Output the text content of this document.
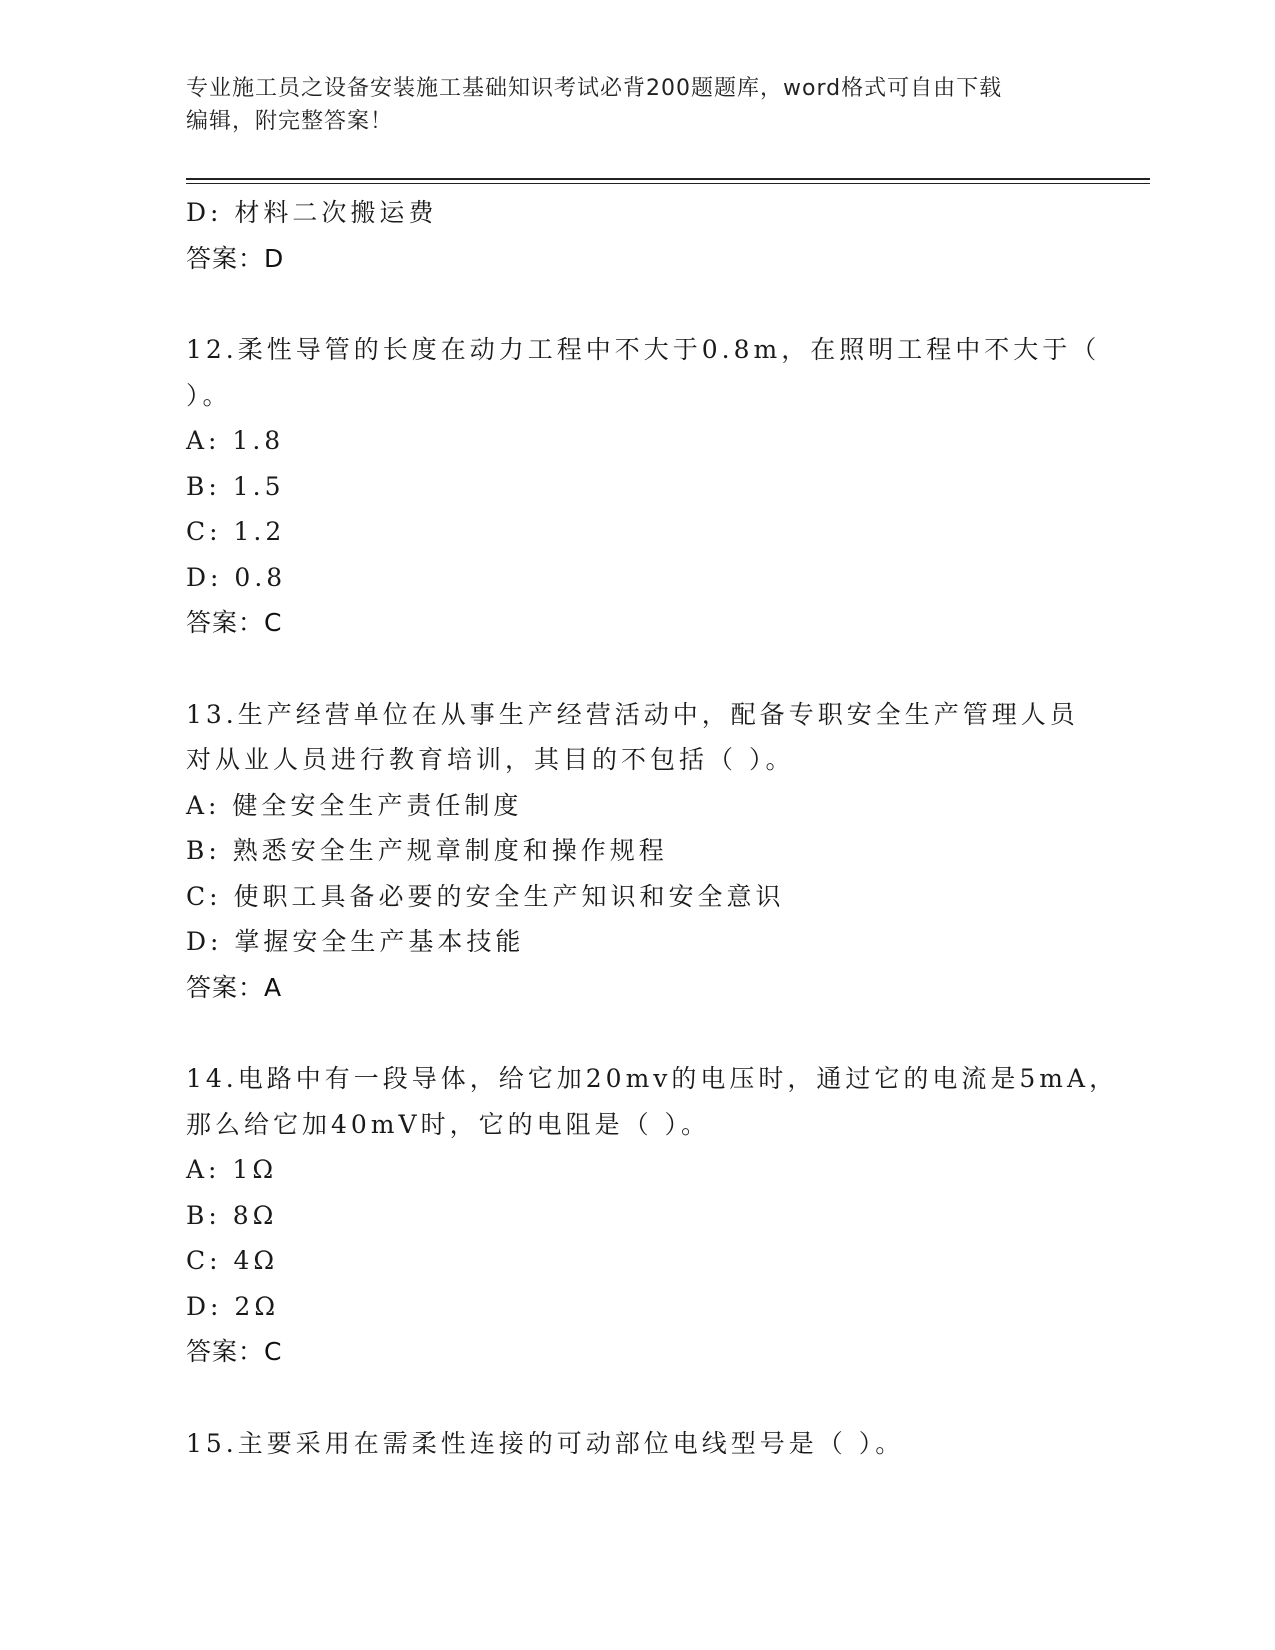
专业施工员之设备安装施工基础知识考试必背200题题库，word格式可自由下载
编辑，附完整答案！
D: 材料二次搬运费
答案：D
12.柔性导管的长度在动力工程中不大于0.8m，在照明工程中不大于（
）。
A: 1.8
B: 1.5
C: 1.2
D: 0.8
答案：C
13.生产经营单位在从事生产经营活动中，配备专职安全生产管理人员
对从业人员进行教育培训，其目的不包括（ ）。
A: 健全安全生产责任制度
B: 熟悉安全生产规章制度和操作规程
C: 使职工具备必要的安全生产知识和安全意识
D: 掌握安全生产基本技能
答案：A
14.电路中有一段导体，给它加20mv的电压时，通过它的电流是5mA，
那么给它加40mV时，它的电阻是（ ）。
A: 1Ω
B: 8Ω
C: 4Ω
D: 2Ω
答案：C
15.主要采用在需柔性连接的可动部位电线型号是（ ）。
